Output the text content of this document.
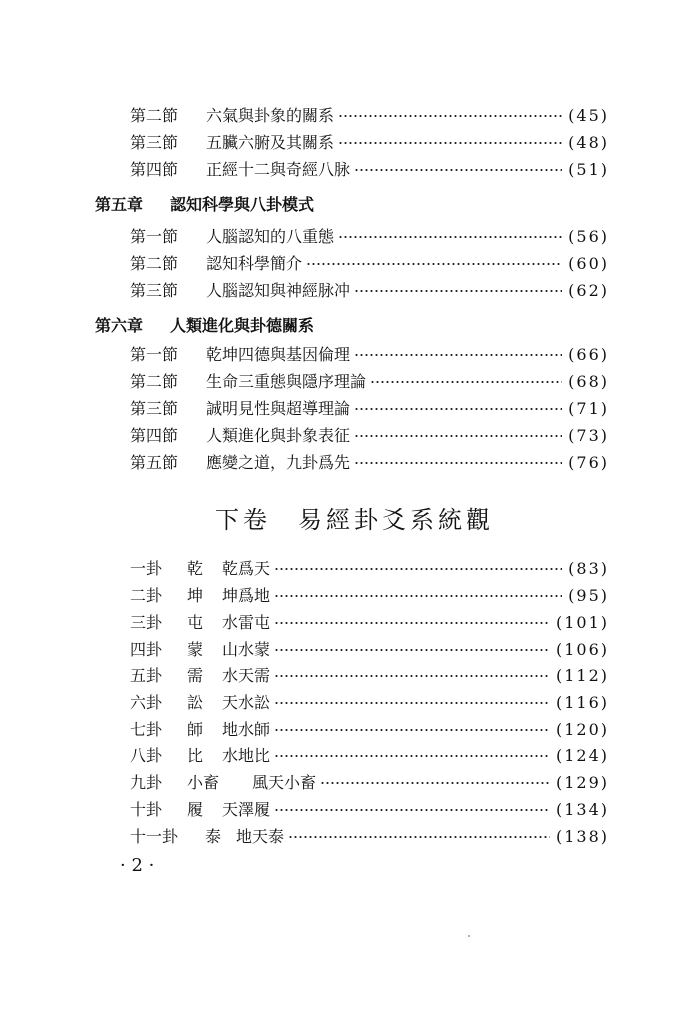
第二節 六氣與卦象的關系	(45)
第三節 五臟六腑及其關系	(48)
第四節 正經十二與奇經八脉	(51)
第五章 認知科學與八卦模式
第一節 人腦認知的八重態	(56)
第二節 認知科學簡介	(60)
第三節 人腦認知與神經脉冲	(62)
第六章 人類進化與卦德關系
第一節 乾坤四德與基因倫理	(66)
第二節 生命三重態與隱序理論	(68)
第三節 誠明見性與超導理論	(71)
第四節 人類進化與卦象表征	(73)
第五節 應變之道，九卦爲先	(76)
一卦 乾 乾爲天	(83)
二卦 坤 坤爲地	(95)
三卦 屯 水雷屯	(101)
四卦 蒙 山水蒙	(106)
五卦 需 水天需	(112)
六卦 訟 天水訟	(116)
七卦 師 地水師	(120)
八卦 比 水地比	(124)
九卦 小畜 風天小畜	(129)
十卦 履 天澤履	(134)
十一卦 泰 地天泰	(138)
下卷 易經卦爻系統觀
· 2 ·
